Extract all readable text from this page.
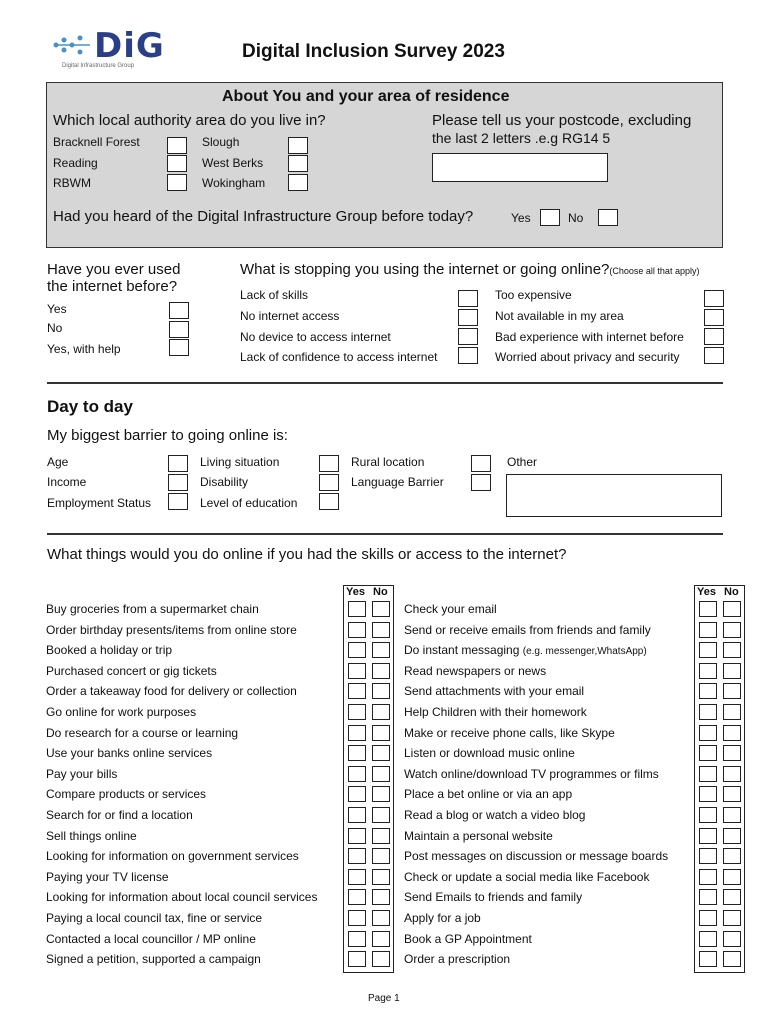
DiG
Digital Infrastructure Group
Digital Inclusion Survey 2023
About You and your area of residence
Which local authority area do you live in?
Bracknell Forest	Slough
Reading	West Berks
RBWM	Wokingham
Please tell us your postcode, excluding
the last 2 letters .e.g RG14 5
Had you heard of the Digital Infrastructure Group before today?	Yes	No
Have you ever used
the internet before?
Yes
No
Yes, with help
What is stopping you using the internet or going online?(Choose all that apply)
Lack of skills
No internet access
No device to access internet
Lack of confidence to access internet
Too expensive
Not available in my area
Bad experience with internet before
Worried about privacy and security
Day to day
My biggest barrier to going online is:
Age
Income
Employment Status
Living situation
Disability
Level of education
Rural location
Language Barrier
Other
What things would you do online if you had the skills or access to the internet?
Yes No	Yes No
Buy groceries from a supermarket chain
Order birthday presents/items from online store
Booked a holiday or trip
Purchased concert or gig tickets
Order a takeaway food for delivery or collection
Go online for work purposes
Do research for a course or learning
Use your banks online services
Pay your bills
Compare products or services
Search for or find a location
Sell things online
Looking for information on government services
Paying your TV license
Looking for information about local council services
Paying a local council tax, fine or service
Contacted a local councillor / MP online
Signed a petition, supported a campaign
Check your email
Send or receive emails from friends and family
Do instant messaging (e.g. messenger,WhatsApp)
Read newspapers or news
Send attachments with your email
Help Children with their homework
Make or receive phone calls, like Skype
Listen or download music online
Watch online/download TV programmes or films
Place a bet online or via an app
Read a blog or watch a video blog
Maintain a personal website
Post messages on discussion or message boards
Check or update a social media like Facebook
Send Emails to friends and family
Apply for a job
Book a GP Appointment
Order a prescription
Page 1
